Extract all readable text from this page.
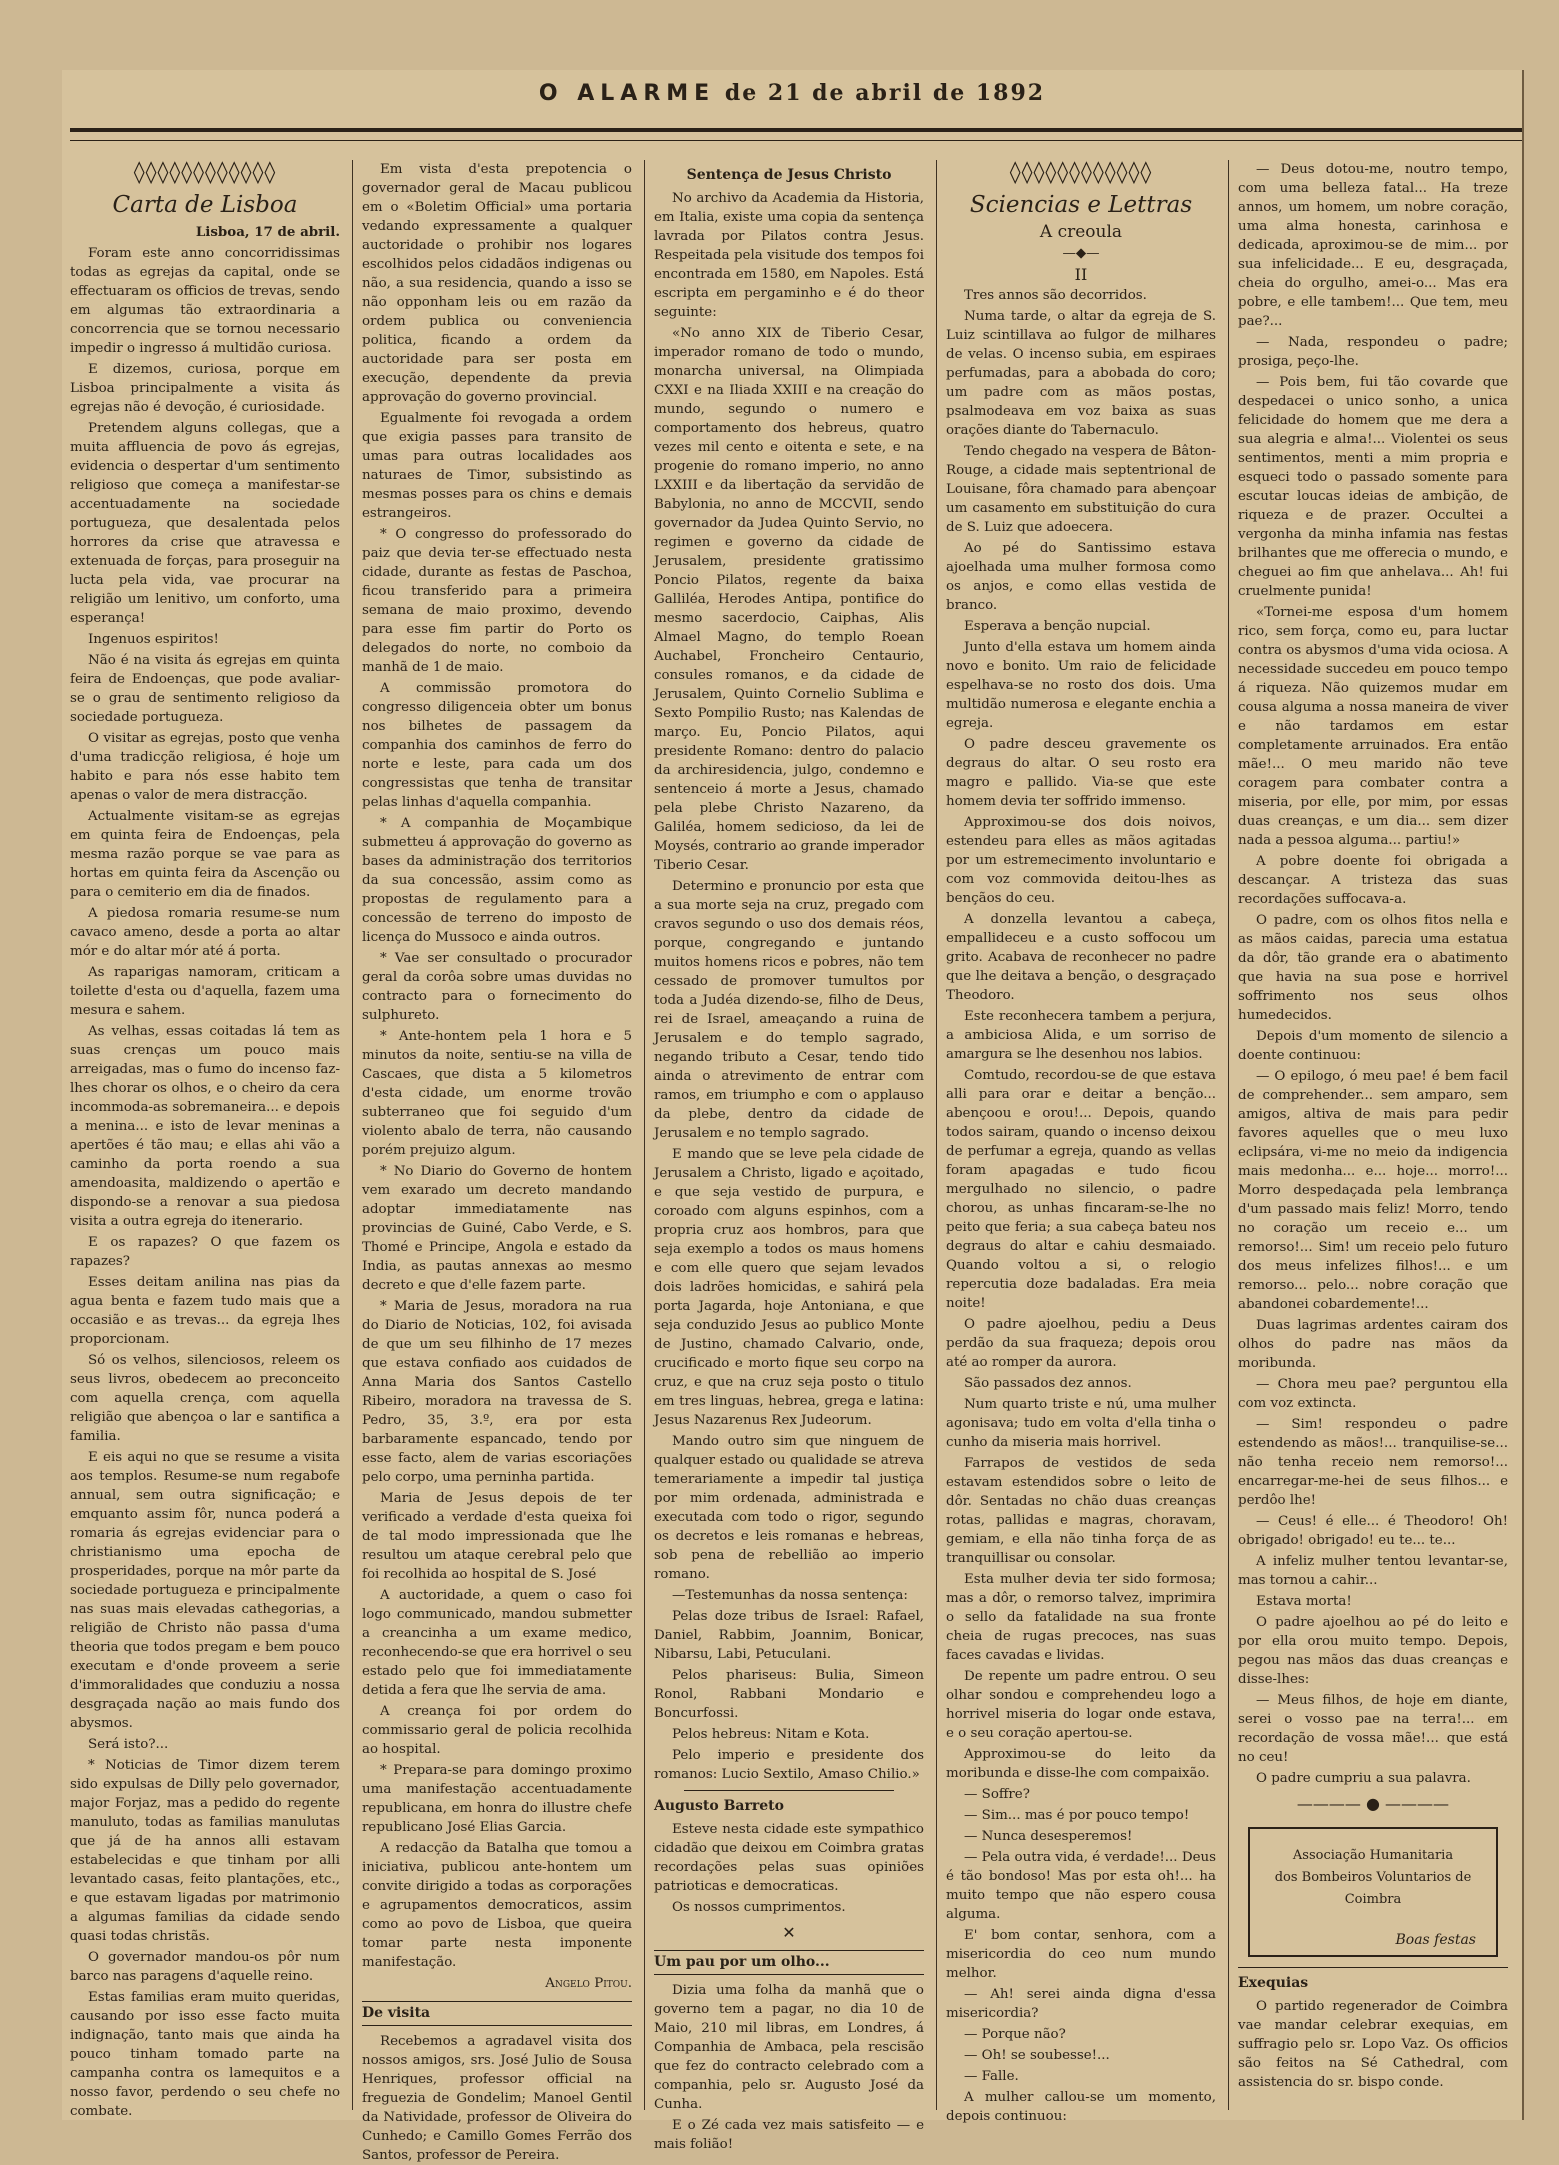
O ALARME de 21 de abril de 1892
◊◊◊◊◊◊◊◊◊◊◊◊
Carta de Lisboa

Lisboa, 17 de abril.

Foram este anno concorridissimas todas as egrejas da capital, onde se effectuaram os officios de trevas, sendo em algumas tão extraordinaria a concorrencia que se tornou necessario impedir o ingresso á multidão curiosa.

E dizemos, curiosa, porque em Lisboa principalmente a visita ás egrejas não é devoção, é curiosidade.

Pretendem alguns collegas, que a muita affluencia de povo ás egrejas, evidencia o despertar d'um sentimento religioso que começa a manifestar-se accentuadamente na sociedade portugueza, que desalentada pelos horrores da crise que atravessa e extenuada de forças, para proseguir na lucta pela vida, vae procurar na religião um lenitivo, um conforto, uma esperança!

Ingenuos espiritos!

Não é na visita ás egrejas em quinta feira de Endoenças, que pode avaliar-se o grau de sentimento religioso da sociedade portugueza.

O visitar as egrejas, posto que venha d'uma tradicção religiosa, é hoje um habito e para nós esse habito tem apenas o valor de mera distracção.

Actualmente visitam-se as egrejas em quinta feira de Endoenças, pela mesma razão porque se vae para as hortas em quinta feira da Ascenção ou para o cemiterio em dia de finados.

A piedosa romaria resume-se num cavaco ameno, desde a porta ao altar mór e do altar mór até á porta.

As raparigas namoram, criticam a toilette d'esta ou d'aquella, fazem uma mesura e sahem.

As velhas, essas coitadas lá tem as suas crenças um pouco mais arreigadas, mas o fumo do incenso faz-lhes chorar os olhos, e o cheiro da cera incommoda-as sobremaneira... e depois a menina... e isto de levar meninas a apertões é tão mau; e ellas ahi vão a caminho da porta roendo a sua amendoasita, maldizendo o apertão e dispondo-se a renovar a sua piedosa visita a outra egreja do itenerario.

E os rapazes? O que fazem os rapazes?

Esses deitam anilina nas pias da agua benta e fazem tudo mais que a occasião e as trevas... da egreja lhes proporcionam.

Só os velhos, silenciosos, releem os seus livros, obedecem ao preconceito com aquella crença, com aquella religião que abençoa o lar e santifica a familia.

E eis aqui no que se resume a visita aos templos. Resume-se num regabofe annual, sem outra significação; e emquanto assim fôr, nunca poderá a romaria ás egrejas evidenciar para o christianismo uma epocha de prosperidades, porque na môr parte da sociedade portugueza e principalmente nas suas mais elevadas cathegorias, a religião de Christo não passa d'uma theoria que todos pregam e bem pouco executam e d'onde proveem a serie d'immoralidades que conduziu a nossa desgraçada nação ao mais fundo dos abysmos.

Será isto?...

* Noticias de Timor dizem terem sido expulsas de Dilly pelo governador, major Forjaz, mas a pedido do regente manuluto, todas as familias manulutas que já de ha annos alli estavam estabelecidas e que tinham por alli levantado casas, feito plantações, etc., e que estavam ligadas por matrimonio a algumas familias da cidade sendo quasi todas christãs.

O governador mandou-os pôr num barco nas paragens d'aquelle reino.

Estas familias eram muito queridas, causando por isso esse facto muita indignação, tanto mais que ainda ha pouco tinham tomado parte na campanha contra os lamequitos e a nosso favor, perdendo o seu chefe no combate.

Em vista d'esta prepotencia o governador geral de Macau publicou em o «Boletim Official» uma portaria vedando expressamente a qualquer auctoridade o prohibir nos logares escolhidos pelos cidadãos indigenas ou não, a sua residencia, quando a isso se não opponham leis ou em razão da ordem publica ou conveniencia politica, ficando a ordem da auctoridade para ser posta em execução, dependente da previa approvação do governo provincial.

Egualmente foi revogada a ordem que exigia passes para transito de umas para outras localidades aos naturaes de Timor, subsistindo as mesmas posses para os chins e demais estrangeiros.

* O congresso do professorado do paiz que devia ter-se effectuado nesta cidade, durante as festas de Paschoa, ficou transferido para a primeira semana de maio proximo, devendo para esse fim partir do Porto os delegados do norte, no comboio da manhã de 1 de maio.

A commissão promotora do congresso diligenceia obter um bonus nos bilhetes de passagem da companhia dos caminhos de ferro do norte e leste, para cada um dos congressistas que tenha de transitar pelas linhas d'aquella companhia.

* A companhia de Moçambique submetteu á approvação do governo as bases da administração dos territorios da sua concessão, assim como as propostas de regulamento para a concessão de terreno do imposto de licença do Mussoco e ainda outros.

* Vae ser consultado o procurador geral da corôa sobre umas duvidas no contracto para o fornecimento do sulphureto.

* Ante-hontem pela 1 hora e 5 minutos da noite, sentiu-se na villa de Cascaes, que dista a 5 kilometros d'esta cidade, um enorme trovão subterraneo que foi seguido d'um violento abalo de terra, não causando porém prejuizo algum.

* No Diario do Governo de hontem vem exarado um decreto mandando adoptar immediatamente nas provincias de Guiné, Cabo Verde, e S. Thomé e Principe, Angola e estado da India, as pautas annexas ao mesmo decreto e que d'elle fazem parte.

* Maria de Jesus, moradora na rua do Diario de Noticias, 102, foi avisada de que um seu filhinho de 17 mezes que estava confiado aos cuidados de Anna Maria dos Santos Castello Ribeiro, moradora na travessa de S. Pedro, 35, 3.º, era por esta barbaramente espancado, tendo por esse facto, alem de varias escoriações pelo corpo, uma perninha partida.

Maria de Jesus depois de ter verificado a verdade d'esta queixa foi de tal modo impressionada que lhe resultou um ataque cerebral pelo que foi recolhida ao hospital de S. José

A auctoridade, a quem o caso foi logo communicado, mandou submetter a creancinha a um exame medico, reconhecendo-se que era horrivel o seu estado pelo que foi immediatamente detida a fera que lhe servia de ama.

A creança foi por ordem do commissario geral de policia recolhida ao hospital.

* Prepara-se para domingo proximo uma manifestação accentuadamente republicana, em honra do illustre chefe republicano José Elias Garcia.

A redacção da Batalha que tomou a iniciativa, publicou ante-hontem um convite dirigido a todas as corporações e agrupamentos democraticos, assim como ao povo de Lisboa, que queira tomar parte nesta imponente manifestação.

Angelo Pitou.

De visita

Recebemos a agradavel visita dos nossos amigos, srs. José Julio de Sousa Henriques, professor official na freguezia de Gondelim; Manoel Gentil da Natividade, professor de Oliveira do Cunhedo; e Camillo Gomes Ferrão dos Santos, professor de Pereira.

Sentença de Jesus Christo

No archivo da Academia da Historia, em Italia, existe uma copia da sentença lavrada por Pilatos contra Jesus. Respeitada pela visitude dos tempos foi encontrada em 1580, em Napoles. Está escripta em pergaminho e é do theor seguinte:

«No anno XIX de Tiberio Cesar, imperador romano de todo o mundo, monarcha universal, na Olimpiada CXXI e na Iliada XXIII e na creação do mundo, segundo o numero e comportamento dos hebreus, quatro vezes mil cento e oitenta e sete, e na progenie do romano imperio, no anno LXXIII e da libertação da servidão de Babylonia, no anno de MCCVII, sendo governador da Judea Quinto Servio, no regimen e governo da cidade de Jerusalem, presidente gratissimo Poncio Pilatos, regente da baixa Galliléa, Herodes Antipa, pontifice do mesmo sacerdocio, Caiphas, Alis Almael Magno, do templo Roean Auchabel, Froncheiro Centaurio, consules romanos, e da cidade de Jerusalem, Quinto Cornelio Sublima e Sexto Pompilio Rusto; nas Kalendas de março. Eu, Poncio Pilatos, aqui presidente Romano: dentro do palacio da archiresidencia, julgo, condemno e sentenceio á morte a Jesus, chamado pela plebe Christo Nazareno, da Galiléa, homem sedicioso, da lei de Moysés, contrario ao grande imperador Tiberio Cesar.

Determino e pronuncio por esta que a sua morte seja na cruz, pregado com cravos segundo o uso dos demais réos, porque, congregando e juntando muitos homens ricos e pobres, não tem cessado de promover tumultos por toda a Judéa dizendo-se, filho de Deus, rei de Israel, ameaçando a ruina de Jerusalem e do templo sagrado, negando tributo a Cesar, tendo tido ainda o atrevimento de entrar com ramos, em triumpho e com o applauso da plebe, dentro da cidade de Jerusalem e no templo sagrado.

E mando que se leve pela cidade de Jerusalem a Christo, ligado e açoitado, e que seja vestido de purpura, e coroado com alguns espinhos, com a propria cruz aos hombros, para que seja exemplo a todos os maus homens e com elle quero que sejam levados dois ladrões homicidas, e sahirá pela porta Jagarda, hoje Antoniana, e que seja conduzido Jesus ao publico Monte de Justino, chamado Calvario, onde, crucificado e morto fique seu corpo na cruz, e que na cruz seja posto o titulo em tres linguas, hebrea, grega e latina: Jesus Nazarenus Rex Judeorum.

Mando outro sim que ninguem de qualquer estado ou qualidade se atreva temerariamente a impedir tal justiça por mim ordenada, administrada e executada com todo o rigor, segundo os decretos e leis romanas e hebreas, sob pena de rebellião ao imperio romano.

—Testemunhas da nossa sentença:

Pelas doze tribus de Israel: Rafael, Daniel, Rabbim, Joannim, Bonicar, Nibarsu, Labi, Petuculani.

Pelos phariseus: Bulia, Simeon Ronol, Rabbani Mondario e Boncurfossi.

Pelos hebreus: Nitam e Kota.

Pelo imperio e presidente dos romanos: Lucio Sextilo, Amaso Chilio.»

Augusto Barreto

Esteve nesta cidade este sympathico cidadão que deixou em Coimbra gratas recordações pelas suas opiniões patrioticas e democraticas.

Os nossos cumprimentos.

✕
Um pau por um olho...

Dizia uma folha da manhã que o governo tem a pagar, no dia 10 de Maio, 210 mil libras, em Londres, á Companhia de Ambaca, pela rescisão que fez do contracto celebrado com a companhia, pelo sr. Augusto José da Cunha.

E o Zé cada vez mais satisfeito — e mais folião!

◊◊◊◊◊◊◊◊◊◊◊◊
Sciencias e Lettras

A creoula

—◆—

II

Tres annos são decorridos.

Numa tarde, o altar da egreja de S. Luiz scintillava ao fulgor de milhares de velas. O incenso subia, em espiraes perfumadas, para a abobada do coro; um padre com as mãos postas, psalmodeava em voz baixa as suas orações diante do Tabernaculo.

Tendo chegado na vespera de Bâton-Rouge, a cidade mais septentrional de Louisane, fôra chamado para abençoar um casamento em substituição do cura de S. Luiz que adoecera.

Ao pé do Santissimo estava ajoelhada uma mulher formosa como os anjos, e como ellas vestida de branco.

Esperava a benção nupcial.

Junto d'ella estava um homem ainda novo e bonito. Um raio de felicidade espelhava-se no rosto dos dois. Uma multidão numerosa e elegante enchia a egreja.

O padre desceu gravemente os degraus do altar. O seu rosto era magro e pallido. Via-se que este homem devia ter soffrido immenso.

Approximou-se dos dois noivos, estendeu para elles as mãos agitadas por um estremecimento involuntario e com voz commovida deitou-lhes as bençãos do ceu.

A donzella levantou a cabeça, empallideceu e a custo soffocou um grito. Acabava de reconhecer no padre que lhe deitava a benção, o desgraçado Theodoro.

Este reconhecera tambem a perjura, a ambiciosa Alida, e um sorriso de amargura se lhe desenhou nos labios.

Comtudo, recordou-se de que estava alli para orar e deitar a benção... abençoou e orou!... Depois, quando todos sairam, quando o incenso deixou de perfumar a egreja, quando as vellas foram apagadas e tudo ficou mergulhado no silencio, o padre chorou, as unhas fincaram-se-lhe no peito que feria; a sua cabeça bateu nos degraus do altar e cahiu desmaiado. Quando voltou a si, o relogio repercutia doze badaladas. Era meia noite!

O padre ajoelhou, pediu a Deus perdão da sua fraqueza; depois orou até ao romper da aurora.

São passados dez annos.

Num quarto triste e nú, uma mulher agonisava; tudo em volta d'ella tinha o cunho da miseria mais horrivel.

Farrapos de vestidos de seda estavam estendidos sobre o leito de dôr. Sentadas no chão duas creanças rotas, pallidas e magras, choravam, gemiam, e ella não tinha força de as tranquillisar ou consolar.

Esta mulher devia ter sido formosa; mas a dôr, o remorso talvez, imprimira o sello da fatalidade na sua fronte cheia de rugas precoces, nas suas faces cavadas e lividas.

De repente um padre entrou. O seu olhar sondou e comprehendeu logo a horrivel miseria do logar onde estava, e o seu coração apertou-se.

Approximou-se do leito da moribunda e disse-lhe com compaixão.

— Soffre?

— Sim... mas é por pouco tempo!

— Nunca desesperemos!

— Pela outra vida, é verdade!... Deus é tão bondoso! Mas por esta oh!... ha muito tempo que não espero cousa alguma.

E' bom contar, senhora, com a misericordia do ceo num mundo melhor.

— Ah! serei ainda digna d'essa misericordia?

— Porque não?

— Oh! se soubesse!...

— Falle.

A mulher callou-se um momento, depois continuou:

— Deus dotou-me, noutro tempo, com uma belleza fatal... Ha treze annos, um homem, um nobre coração, uma alma honesta, carinhosa e dedicada, aproximou-se de mim... por sua infelicidade... E eu, desgraçada, cheia do orgulho, amei-o... Mas era pobre, e elle tambem!... Que tem, meu pae?...

— Nada, respondeu o padre; prosiga, peço-lhe.

— Pois bem, fui tão covarde que despedacei o unico sonho, a unica felicidade do homem que me dera a sua alegria e alma!... Violentei os seus sentimentos, menti a mim propria e esqueci todo o passado somente para escutar loucas ideias de ambição, de riqueza e de prazer. Occultei a vergonha da minha infamia nas festas brilhantes que me offerecia o mundo, e cheguei ao fim que anhelava... Ah! fui cruelmente punida!

«Tornei-me esposa d'um homem rico, sem força, como eu, para luctar contra os abysmos d'uma vida ociosa. A necessidade succedeu em pouco tempo á riqueza. Não quizemos mudar em cousa alguma a nossa maneira de viver e não tardamos em estar completamente arruinados. Era então mãe!... O meu marido não teve coragem para combater contra a miseria, por elle, por mim, por essas duas creanças, e um dia... sem dizer nada a pessoa alguma... partiu!»

A pobre doente foi obrigada a descançar. A tristeza das suas recordações suffocava-a.

O padre, com os olhos fitos nella e as mãos caidas, parecia uma estatua da dôr, tão grande era o abatimento que havia na sua pose e horrivel soffrimento nos seus olhos humedecidos.

Depois d'um momento de silencio a doente continuou:

— O epilogo, ó meu pae! é bem facil de comprehender... sem amparo, sem amigos, altiva de mais para pedir favores aquelles que o meu luxo eclipsára, vi-me no meio da indigencia mais medonha... e... hoje... morro!... Morro despedaçada pela lembrança d'um passado mais feliz! Morro, tendo no coração um receio e... um remorso!... Sim! um receio pelo futuro dos meus infelizes filhos!... e um remorso... pelo... nobre coração que abandonei cobardemente!...

Duas lagrimas ardentes cairam dos olhos do padre nas mãos da moribunda.

— Chora meu pae? perguntou ella com voz extincta.

— Sim! respondeu o padre estendendo as mãos!... tranquilise-se... não tenha receio nem remorso!... encarregar-me-hei de seus filhos... e perdôo lhe!

— Ceus! é elle... é Theodoro! Oh! obrigado! obrigado! eu te... te...

A infeliz mulher tentou levantar-se, mas tornou a cahir...

Estava morta!

O padre ajoelhou ao pé do leito e por ella orou muito tempo. Depois, pegou nas mãos das duas creanças e disse-lhes:

— Meus filhos, de hoje em diante, serei o vosso pae na terra!... em recordação de vossa mãe!... que está no ceu!

O padre cumpriu a sua palavra.

———— ● ————
Associação Humanitaria
dos Bombeiros Voluntarios de Coimbra
Boas festas
Exequias

O partido regenerador de Coimbra vae mandar celebrar exequias, em suffragio pelo sr. Lopo Vaz. Os officios são feitos na Sé Cathedral, com assistencia do sr. bispo conde.
